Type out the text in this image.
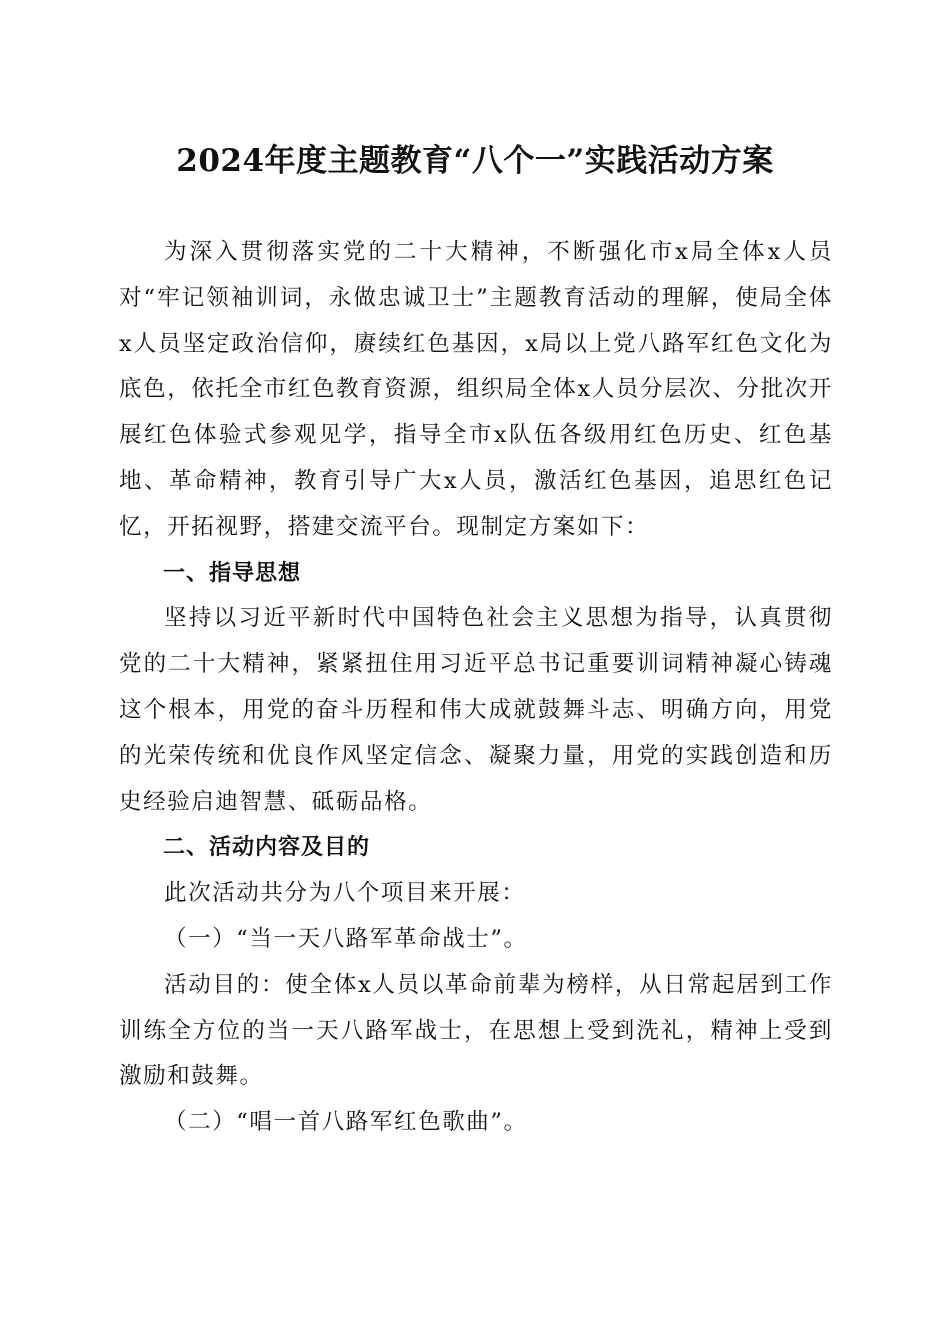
2024年度主题教育“八个一”实践活动方案

为深入贯彻落实党的二十大精神，不断强化市x局全体x人员对“牢记领袖训词，永做忠诚卫士”主题教育活动的理解，使局全体x人员坚定政治信仰，赓续红色基因，x局以上党八路军红色文化为底色，依托全市红色教育资源，组织局全体x人员分层次、分批次开展红色体验式参观见学，指导全市x队伍各级用红色历史、红色基地、革命精神，教育引导广大x人员，激活红色基因，追思红色记忆，开拓视野，搭建交流平台。现制定方案如下：

一、指导思想

坚持以习近平新时代中国特色社会主义思想为指导，认真贯彻党的二十大精神，紧紧扭住用习近平总书记重要训词精神凝心铸魂这个根本，用党的奋斗历程和伟大成就鼓舞斗志、明确方向，用党的光荣传统和优良作风坚定信念、凝聚力量，用党的实践创造和历史经验启迪智慧、砥砺品格。

二、活动内容及目的

此次活动共分为八个项目来开展：

（一）“当一天八路军革命战士”。

活动目的：使全体x人员以革命前辈为榜样，从日常起居到工作训练全方位的当一天八路军战士，在思想上受到洗礼，精神上受到激励和鼓舞。

（二）“唱一首八路军红色歌曲”。
